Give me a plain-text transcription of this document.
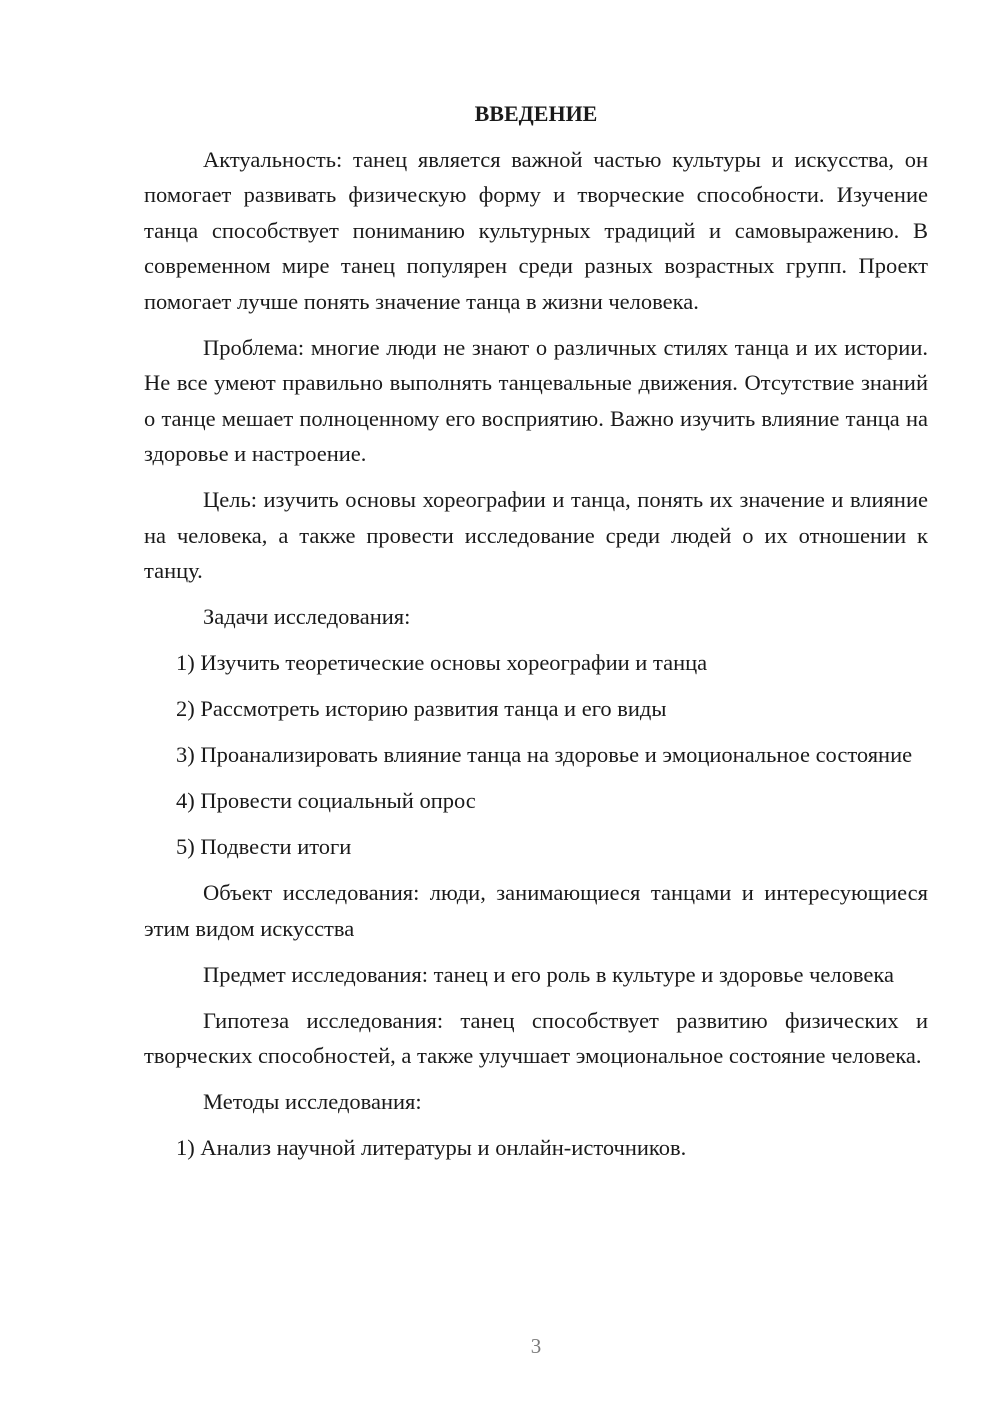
ВВЕДЕНИЕ

Актуальность: танец является важной частью культуры и искусства, он помогает развивать физическую форму и творческие способности. Изучение танца способствует пониманию культурных традиций и самовыражению. В современном мире танец популярен среди разных возрастных групп. Проект помогает лучше понять значение танца в жизни человека.

Проблема: многие люди не знают о различных стилях танца и их истории. Не все умеют правильно выполнять танцевальные движения. Отсутствие знаний о танце мешает полноценному его восприятию. Важно изучить влияние танца на здоровье и настроение.

Цель: изучить основы хореографии и танца, понять их значение и влияние на человека, а также провести исследование среди людей о их отношении к танцу.

Задачи исследования:

1) Изучить теоретические основы хореографии и танца

2) Рассмотреть историю развития танца и его виды

3) Проанализировать влияние танца на здоровье и эмоциональное состояние

4) Провести социальный опрос

5) Подвести итоги

Объект исследования: люди, занимающиеся танцами и интересующиеся этим видом искусства

Предмет исследования: танец и его роль в культуре и здоровье человека

Гипотеза исследования: танец способствует развитию физических и творческих способностей, а также улучшает эмоциональное состояние человека.

Методы исследования:

1) Анализ научной литературы и онлайн-источников.

3
